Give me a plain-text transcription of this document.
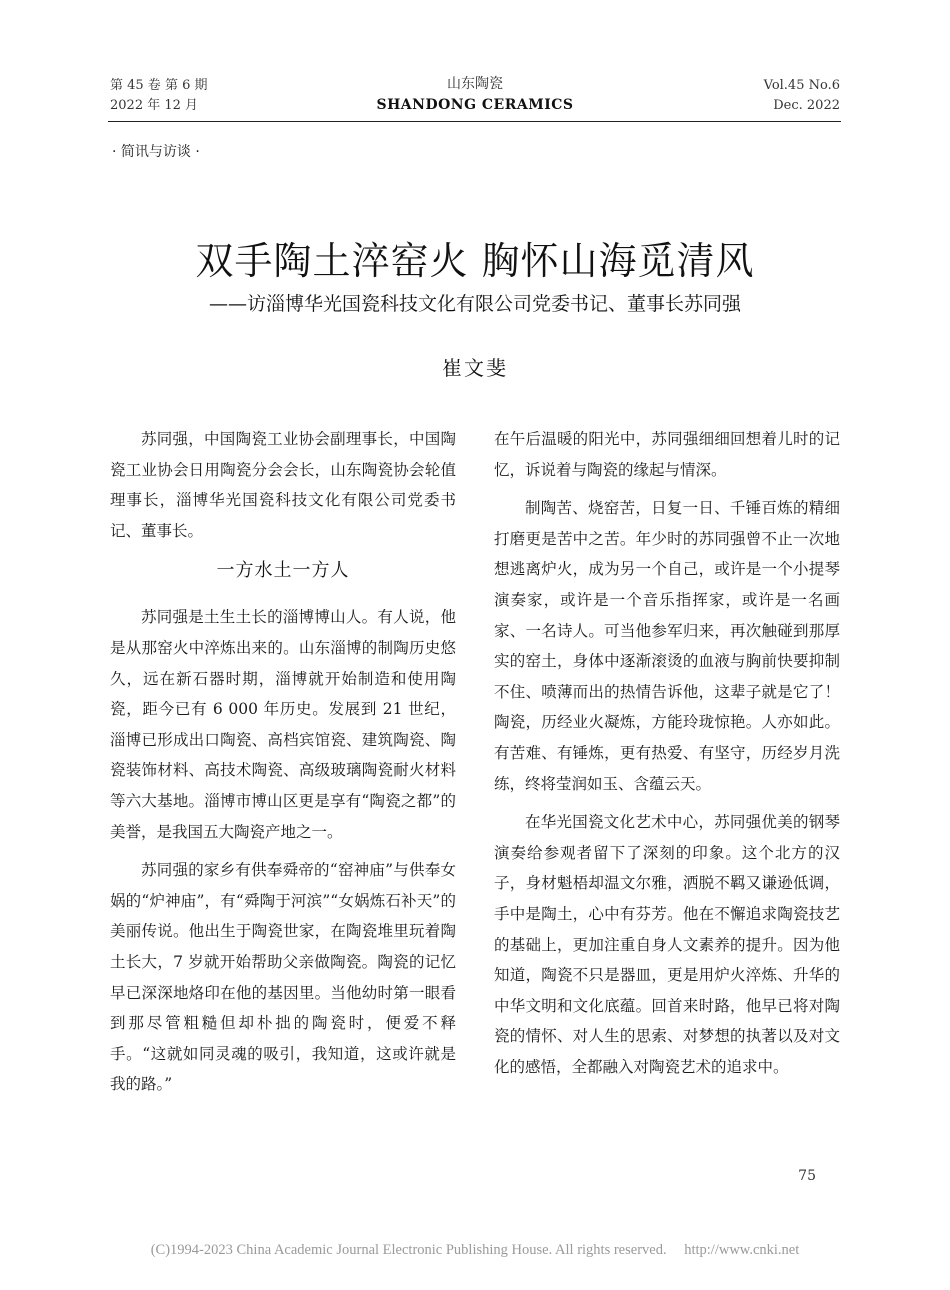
第 45 卷 第 6 期
2022 年 12 月
山东陶瓷
SHANDONG CERAMICS
Vol.45 No.6
Dec. 2022
· 简讯与访谈 ·
双手陶土淬窑火 胸怀山海觅清风
——访淄博华光国瓷科技文化有限公司党委书记、董事长苏同强
崔文斐

苏同强，中国陶瓷工业协会副理事长，中国陶瓷工业协会日用陶瓷分会会长，山东陶瓷协会轮值理事长，淄博华光国瓷科技文化有限公司党委书记、董事长。

一方水土一方人

苏同强是土生土长的淄博博山人。有人说，他是从那窑火中淬炼出来的。山东淄博的制陶历史悠久，远在新石器时期，淄博就开始制造和使用陶瓷，距今已有 6 000 年历史。发展到 21 世纪，淄博已形成出口陶瓷、高档宾馆瓷、建筑陶瓷、陶瓷装饰材料、高技术陶瓷、高级玻璃陶瓷耐火材料等六大基地。淄博市博山区更是享有“陶瓷之都”的美誉，是我国五大陶瓷产地之一。

苏同强的家乡有供奉舜帝的“窑神庙”与供奉女娲的“炉神庙”，有“舜陶于河滨”“女娲炼石补天”的美丽传说。他出生于陶瓷世家，在陶瓷堆里玩着陶土长大，7 岁就开始帮助父亲做陶瓷。陶瓷的记忆早已深深地烙印在他的基因里。当他幼时第一眼看到那尽管粗糙但却朴拙的陶瓷时，便爱不释手。“这就如同灵魂的吸引，我知道，这或许就是我的路。”

在午后温暖的阳光中，苏同强细细回想着儿时的记忆，诉说着与陶瓷的缘起与情深。

制陶苦、烧窑苦，日复一日、千锤百炼的精细打磨更是苦中之苦。年少时的苏同强曾不止一次地想逃离炉火，成为另一个自己，或许是一个小提琴演奏家，或许是一个音乐指挥家，或许是一名画家、一名诗人。可当他参军归来，再次触碰到那厚实的窑土，身体中逐渐滚烫的血液与胸前快要抑制不住、喷薄而出的热情告诉他，这辈子就是它了！陶瓷，历经业火凝炼，方能玲珑惊艳。人亦如此。有苦难、有锤炼，更有热爱、有坚守，历经岁月洗练，终将莹润如玉、含蕴云天。

在华光国瓷文化艺术中心，苏同强优美的钢琴演奏给参观者留下了深刻的印象。这个北方的汉子，身材魁梧却温文尔雅，洒脱不羁又谦逊低调，手中是陶土，心中有芬芳。他在不懈追求陶瓷技艺的基础上，更加注重自身人文素养的提升。因为他知道，陶瓷不只是器皿，更是用炉火淬炼、升华的中华文明和文化底蕴。回首来时路，他早已将对陶瓷的情怀、对人生的思索、对梦想的执著以及对文化的感悟，全都融入对陶瓷艺术的追求中。

75
(C)1994-2023 China Academic Journal Electronic Publishing House. All rights reserved. http://www.cnki.net
